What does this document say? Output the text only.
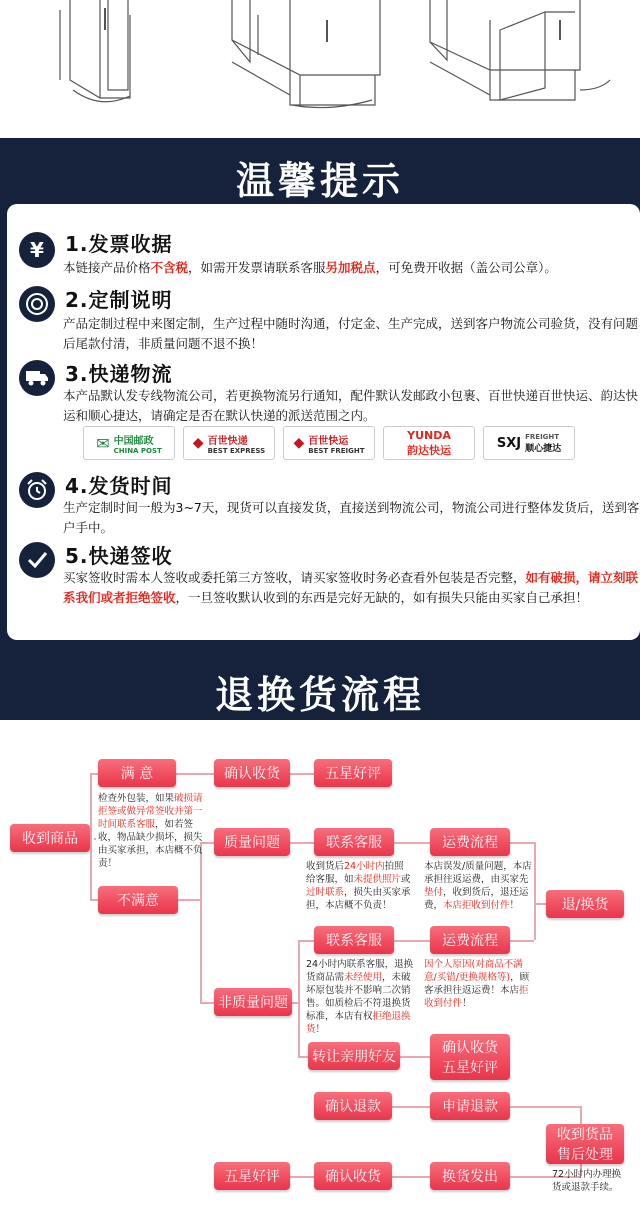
温馨提示
¥	1.发票收据
本链接产品价格不含税，如需开发票请联系客服另加税点，可免费开收据（盖公司公章）。
2.定制说明
产品定制过程中来图定制，生产过程中随时沟通，付定金、生产完成，送到客户物流公司验货，没有问题后尾款付清，非质量问题不退不换！
3.快递物流
本产品默认发专线物流公司，若更换物流另行通知，配件默认发邮政小包裹、百世快递百世快运、韵达快运和顺心捷达，请确定是否在默认快递的派送范围之内。
✉ 中国邮政
CHINA POST ◆ 百世快递
BEST EXPRESS ◆ 百世快运
BEST FREIGHT
YUNDA
韵达快运	SXJ FREIGHT
顺心捷达
4.发货时间
生产定制时间一般为3~7天，现货可以直接发货，直接送到物流公司，物流公司进行整体发货后，送到客户手中。
5.快递签收
买家签收时需本人签收或委托第三方签收，请买家签收时务必查看外包装是否完整，如有破损，请立刻联系我们或者拒绝签收，一旦签收默认收到的东西是完好无缺的，如有损失只能由买家自己承担！
退换货流程
收到商品
满 意	确认收货	五星好评
不满意
质量问题	联系客服	运费流程
退/换货
联系客服	运费流程
非质量问题
转让亲朋好友
确认收货
五星好评
确认退款	申请退款
收到货品
售后处理
五星好评	确认收货	换货发出
检查外包装，如果破损请拒签或做异常签收并第一时间联系客服，如若签收，物品缺少损坏，损失由买家承担，本店概不负责！	收到货后24小时内拍照给客服，如未提供照片或过时联系，损失由买家承担，本店概不负责！
本店误发/质量问题，本店承担往返运费，由买家先垫付，收到货后，退还运费，本店拒收到付件！
24小时内联系客服，退换货商品需未经使用，未破坏原包装并不影响二次销售。如质检后不符退换货标准，本店有权拒绝退换货！
因个人原因(对商品不满意/买错/更换规格等)，顾客承担往返运费！本店拒收到付件！
72小时内办理换货或退款手续。
